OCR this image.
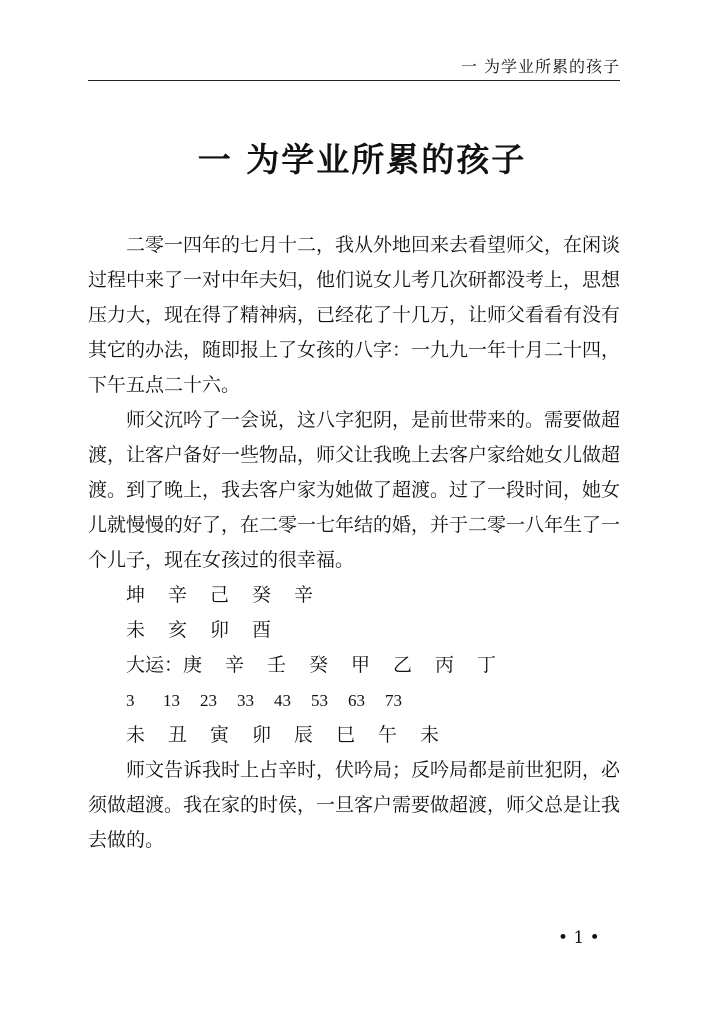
一 为学业所累的孩子
一 为学业所累的孩子

二零一四年的七月十二，我从外地回来去看望师父，在闲谈过程中来了一对中年夫妇，他们说女儿考几次研都没考上，思想压力大，现在得了精神病，已经花了十几万，让师父看看有没有其它的办法，随即报上了女孩的八字：一九九一年十月二十四，下午五点二十六。

师父沉吟了一会说，这八字犯阴，是前世带来的。需要做超渡，让客户备好一些物品，师父让我晚上去客户家给她女儿做超渡。到了晚上，我去客户家为她做了超渡。过了一段时间，她女儿就慢慢的好了，在二零一七年结的婚，并于二零一八年生了一个儿子，现在女孩过的很幸福。

坤 辛 己 癸 辛
未 亥 卯 酉
大运：庚 辛 壬 癸 甲 乙 丙 丁
3 13 23 33 43 53 63 73
未 丑 寅 卯 辰 巳 午 未

师文告诉我时上占辛时，伏吟局；反吟局都是前世犯阴，必须做超渡。我在家的时侯，一旦客户需要做超渡，师父总是让我去做的。

• 1 •
